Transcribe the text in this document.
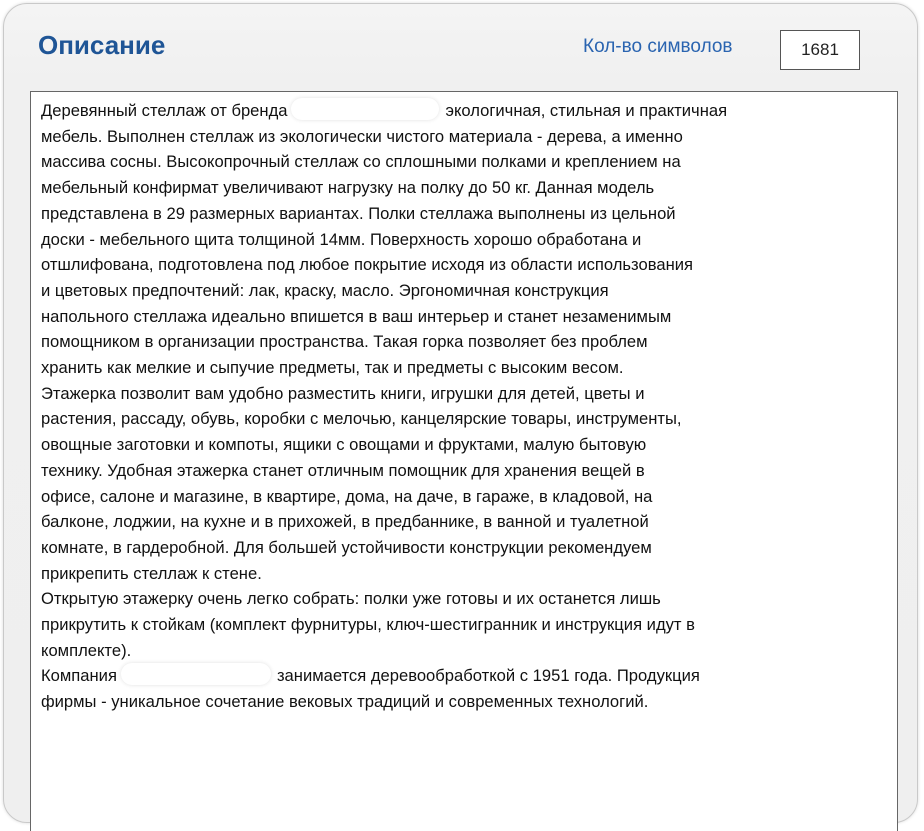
Описание	Кол-во символов	1681

Деревянный стеллаж от бренда	экологичная, стильная и практичная

мебель. Выполнен стеллаж из экологически чистого материала - дерева, а именно

массива сосны. Высокопрочный стеллаж со сплошными полками и креплением на

мебельный конфирмат увеличивают нагрузку на полку до 50 кг. Данная модель

представлена в 29 размерных вариантах. Полки стеллажа выполнены из цельной

доски - мебельного щита толщиной 14мм. Поверхность хорошо обработана и

отшлифована, подготовлена под любое покрытие исходя из области использования

и цветовых предпочтений: лак, краску, масло. Эргономичная конструкция

напольного стеллажа идеально впишется в ваш интерьер и станет незаменимым

помощником в организации пространства. Такая горка позволяет без проблем

хранить как мелкие и сыпучие предметы, так и предметы с высоким весом.

Этажерка позволит вам удобно разместить книги, игрушки для детей, цветы и

растения, рассаду, обувь, коробки с мелочью, канцелярские товары, инструменты,

овощные заготовки и компоты, ящики с овощами и фруктами, малую бытовую

технику. Удобная этажерка станет отличным помощник для хранения вещей в

офисе, салоне и магазине, в квартире, дома, на даче, в гараже, в кладовой, на

балконе, лоджии, на кухне и в прихожей, в предбаннике, в ванной и туалетной

комнате, в гардеробной. Для большей устойчивости конструкции рекомендуем

прикрепить стеллаж к стене.

Открытую этажерку очень легко собрать: полки уже готовы и их останется лишь

прикрутить к стойкам (комплект фурнитуры, ключ-шестигранник и инструкция идут в

комплекте).

Компания	занимается деревообработкой с 1951 года. Продукция

фирмы - уникальное сочетание вековых традиций и современных технологий.
